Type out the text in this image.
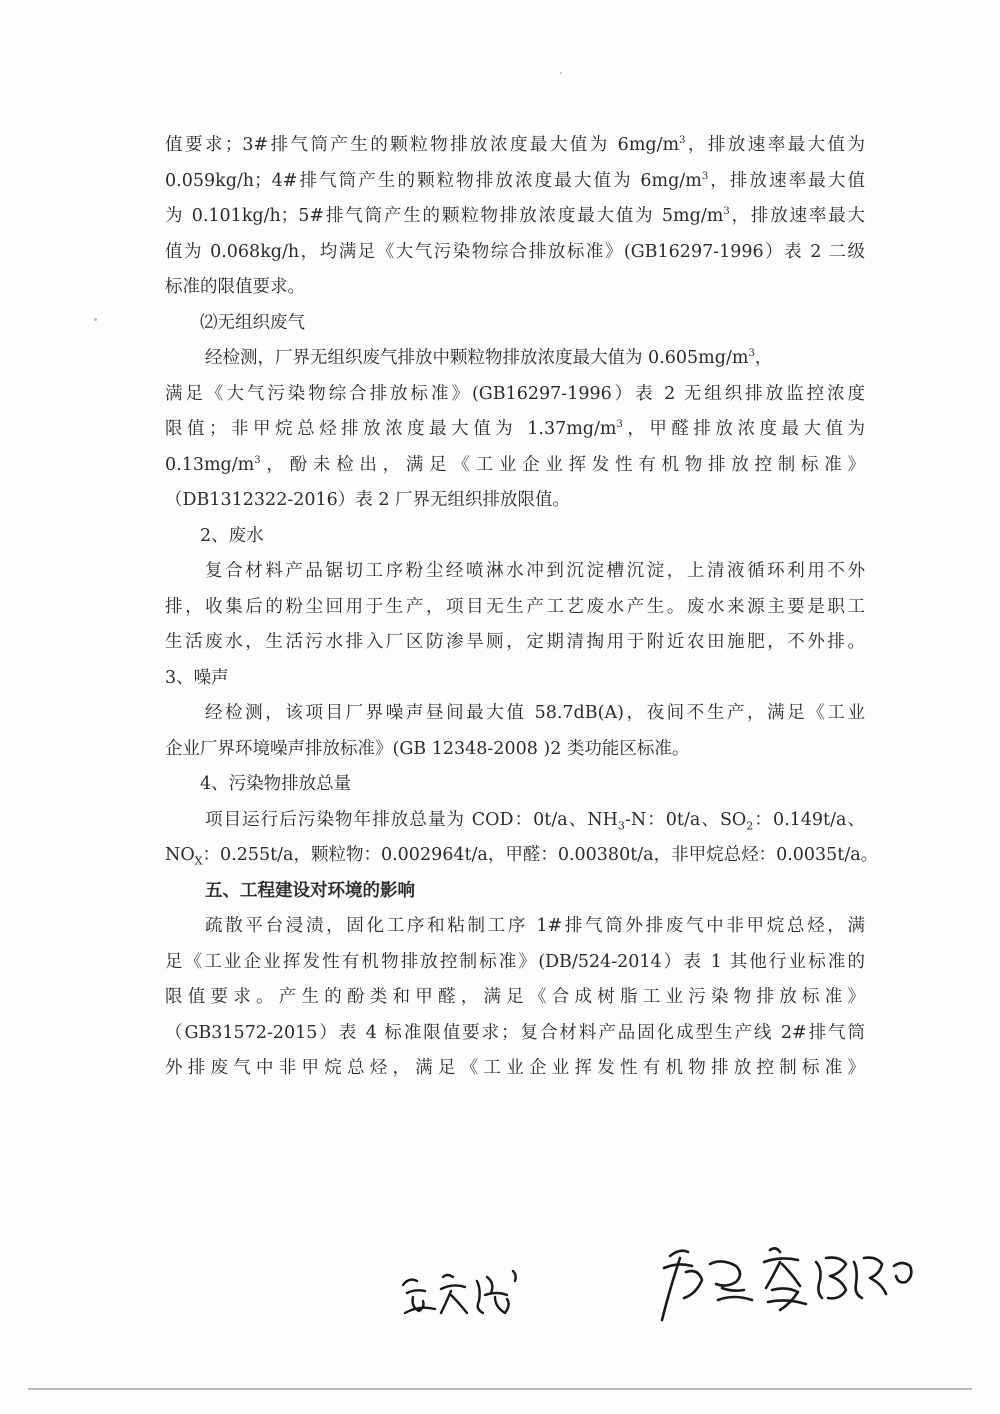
值要求；3#排气筒产生的颗粒物排放浓度最大值为 $6mg/m^3$，排放速率最大值为
0.059kg/h；4#排气筒产生的颗粒物排放浓度最大值为 $6mg/m^3$，排放速率最大值
为 0.101kg/h；5#排气筒产生的颗粒物排放浓度最大值为 $5mg/m^3$，排放速率最大
值为 0.068kg/h，均满足《大气污染物综合排放标准》(GB16297-1996）表 2 二级
标准的限值要求。
⑵无组织废气
经检测，厂界无组织废气排放中颗粒物排放浓度最大值为 $0.605mg/m^3$，
满足《大气污染物综合排放标准》(GB16297-1996）表 2 无组织排放监控浓度
限值；非甲烷总烃排放浓度最大值为 $1.37mg/m^3$，甲醛排放浓度最大值为
$0.13mg/m^3$，酚未检出，满足《工业企业挥发性有机物排放控制标准》
（DB1312322-2016）表 2 厂界无组织排放限值。
2、废水
复合材料产品锯切工序粉尘经喷淋水冲到沉淀槽沉淀，上清液循环利用不外
排，收集后的粉尘回用于生产，项目无生产工艺废水产生。废水来源主要是职工
生活废水，生活污水排入厂区防渗旱厕，定期清掏用于附近农田施肥，不外排。
3、噪声
经检测，该项目厂界噪声昼间最大值 58.7dB(A)，夜间不生产，满足《工业
企业厂界环境噪声排放标准》(GB 12348-2008 )2 类功能区标准。
4、污染物排放总量
项目运行后污染物年排放总量为 COD：0t/a、$NH_3-N$：0t/a、$SO_2$：0.149t/a、
$NO_X$：0.255t/a，颗粒物：0.002964t/a，甲醛：0.00380t/a，非甲烷总烃：0.0035t/a。
五、工程建设对环境的影响
疏散平台浸渍，固化工序和粘制工序 1#排气筒外排废气中非甲烷总烃，满
足《工业企业挥发性有机物排放控制标准》(DB/524-2014）表 1 其他行业标准的
限值要求。产生的酚类和甲醛，满足《合成树脂工业污染物排放标准》
（GB31572-2015）表 4 标准限值要求；复合材料产品固化成型生产线 2#排气筒
外排废气中非甲烷总烃，满足《工业企业挥发性有机物排放控制标准》
